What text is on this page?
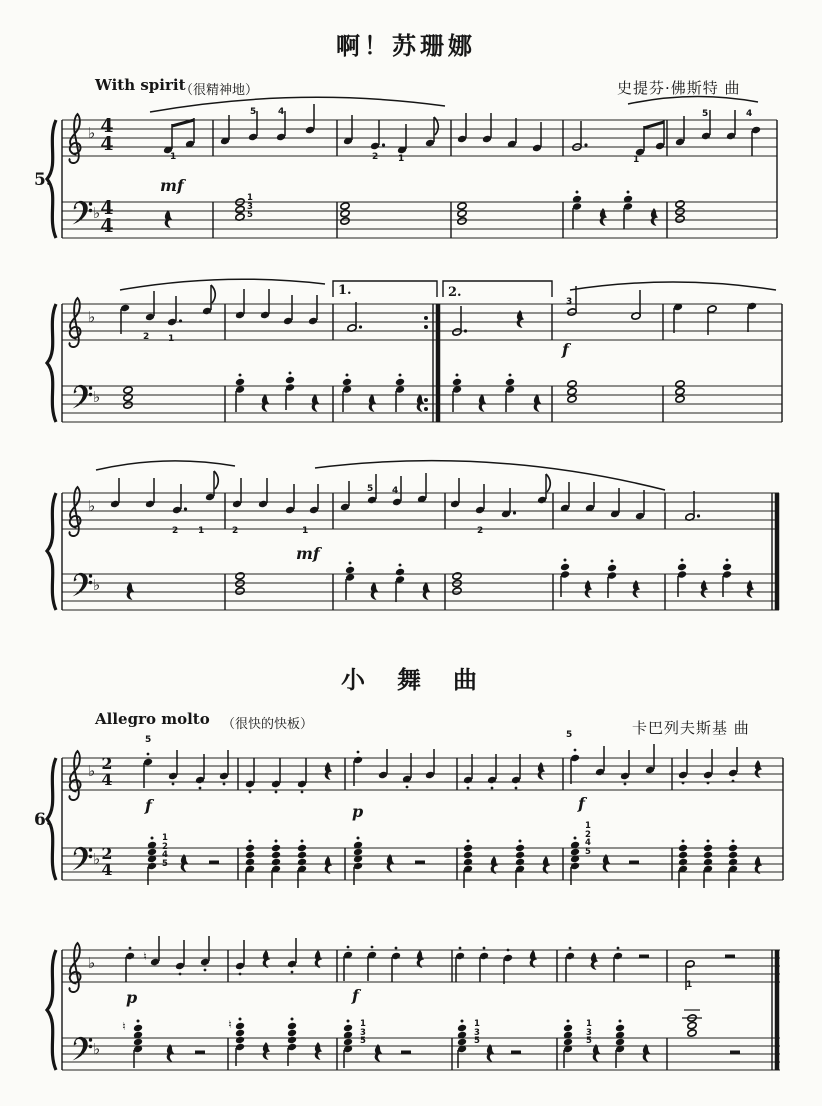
啊！苏珊娜
With spirit
（很精神地）	史提芬·佛斯特 曲
5.
♭
♭
4
4
4
4
♭
♭
♭
♭
mf
1
5 4
2 1	1
5	4
1
3
5
1.	2.
2 1
3
f
2 1	2	1
5 4
2
mf
小　舞　曲
Allegro molto （很快的快板）	卡巴列夫斯基 曲
6.
♭
♭
2
4
2
4
♭
♭
5
f	p
5
f
1
2
4
5
1
2
4
5
p	f
♮
♮	♮
1
1
3
5
1
3
5
1
3
5
